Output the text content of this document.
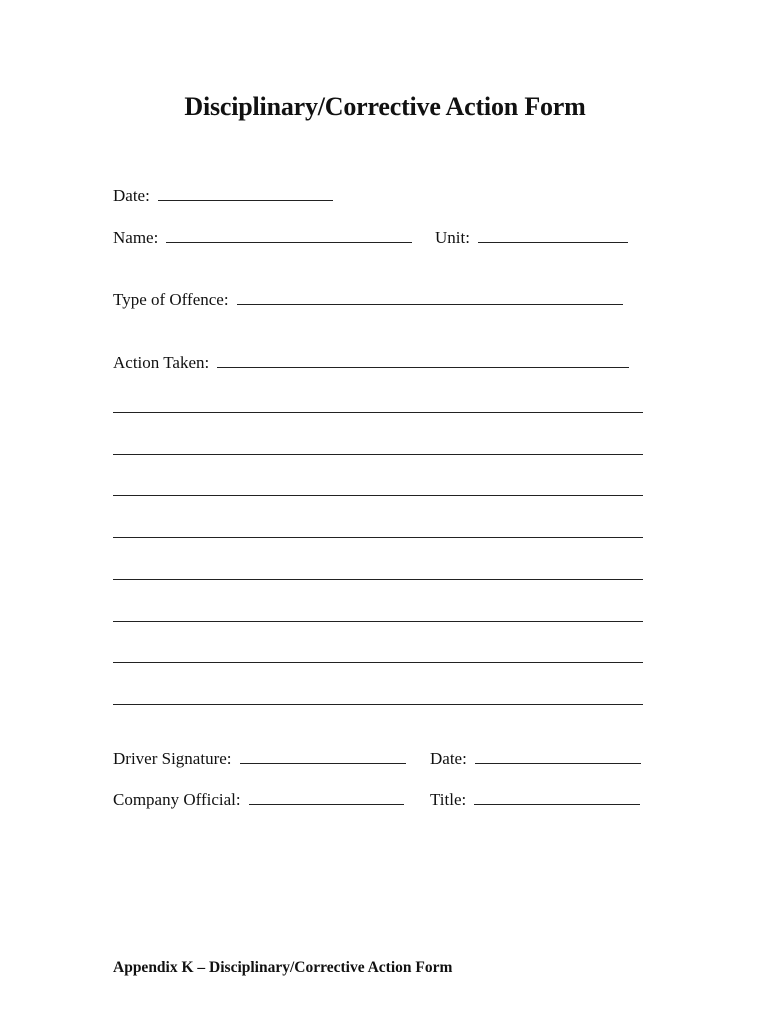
Disciplinary/Corrective Action Form
Date:
Name:	Unit:
Type of Offence:
Action Taken:
Driver Signature:	Date:
Company Official:	Title:
Appendix K – Disciplinary/Corrective Action Form
